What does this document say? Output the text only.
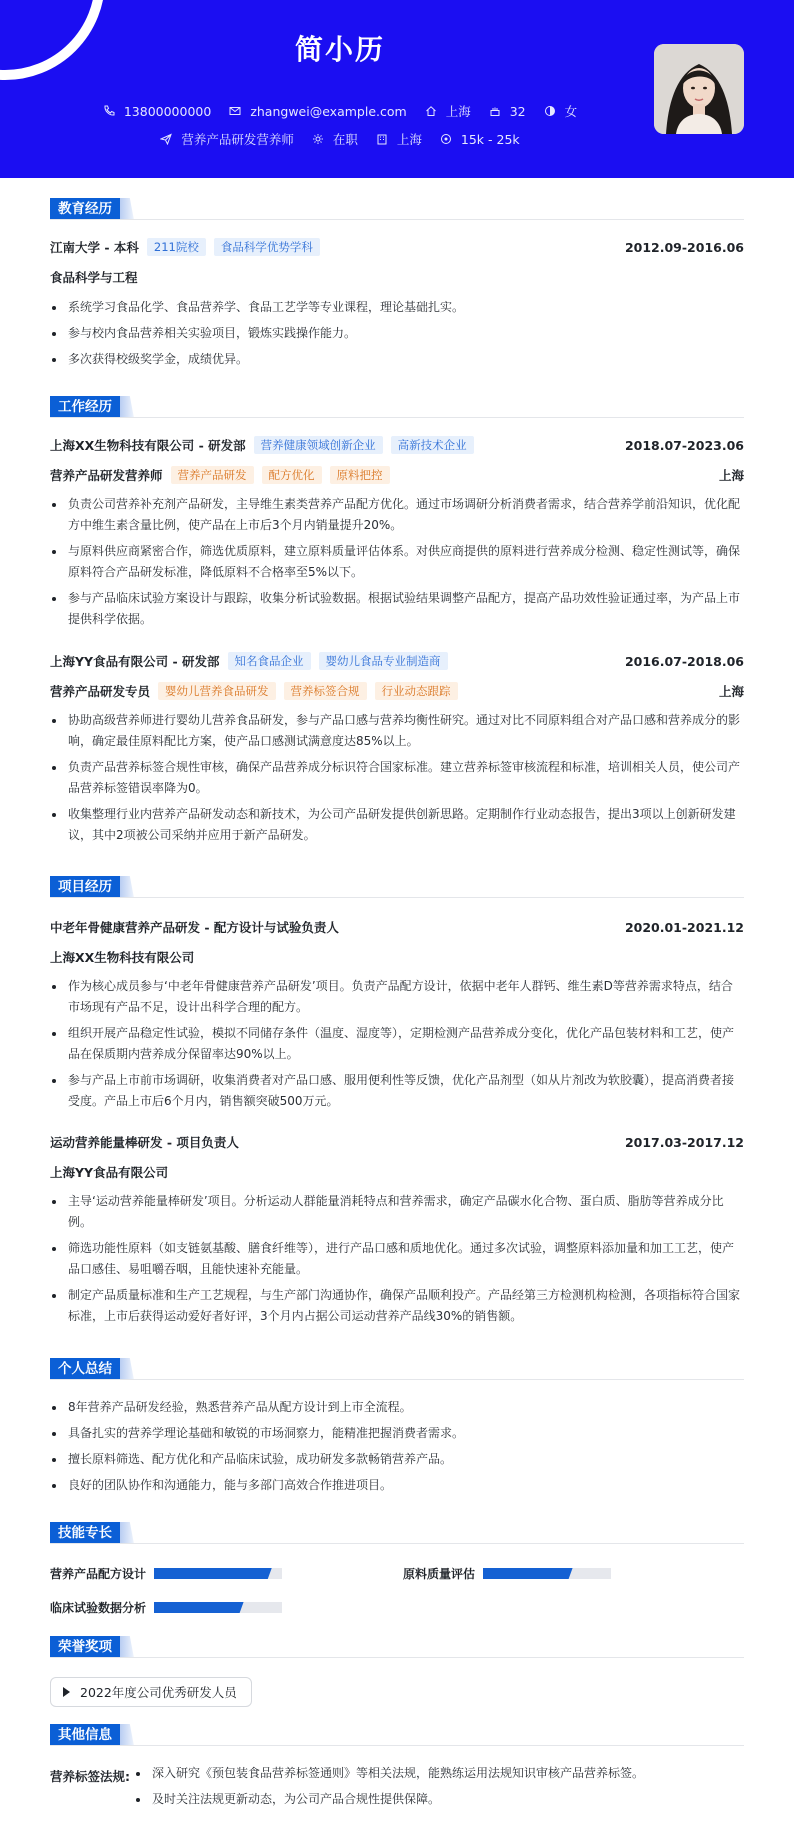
简小历
13800000000	zhangwei@example.com	上海	32	女
营养产品研发营养师	在职	上海	15k - 25k
教育经历
江南大学 - 本科	211院校	食品科学优势学科	2012.09-2016.06
食品科学与工程
系统学习食品化学、食品营养学、食品工艺学等专业课程，理论基础扎实。
参与校内食品营养相关实验项目，锻炼实践操作能力。
多次获得校级奖学金，成绩优异。
工作经历
上海XX生物科技有限公司 - 研发部	营养健康领域创新企业	高新技术企业	2018.07-2023.06
营养产品研发营养师	营养产品研发	配方优化	原料把控	上海
负责公司营养补充剂产品研发，主导维生素类营养产品配方优化。通过市场调研分析消费者需求，结合营养学前沿知识，优化配方中维生素含量比例，使产品在上市后3个月内销量提升20%。
与原料供应商紧密合作，筛选优质原料，建立原料质量评估体系。对供应商提供的原料进行营养成分检测、稳定性测试等，确保原料符合产品研发标准，降低原料不合格率至5%以下。
参与产品临床试验方案设计与跟踪，收集分析试验数据。根据试验结果调整产品配方，提高产品功效性验证通过率，为产品上市提供科学依据。
上海YY食品有限公司 - 研发部	知名食品企业	婴幼儿食品专业制造商	2016.07-2018.06
营养产品研发专员	婴幼儿营养食品研发	营养标签合规	行业动态跟踪	上海
协助高级营养师进行婴幼儿营养食品研发，参与产品口感与营养均衡性研究。通过对比不同原料组合对产品口感和营养成分的影响，确定最佳原料配比方案，使产品口感测试满意度达85%以上。
负责产品营养标签合规性审核，确保产品营养成分标识符合国家标准。建立营养标签审核流程和标准，培训相关人员，使公司产品营养标签错误率降为0。
收集整理行业内营养产品研发动态和新技术，为公司产品研发提供创新思路。定期制作行业动态报告，提出3项以上创新研发建议，其中2项被公司采纳并应用于新产品研发。
项目经历
中老年骨健康营养产品研发 - 配方设计与试验负责人	2020.01-2021.12
上海XX生物科技有限公司
作为核心成员参与‘中老年骨健康营养产品研发’项目。负责产品配方设计，依据中老年人群钙、维生素D等营养需求特点，结合市场现有产品不足，设计出科学合理的配方。
组织开展产品稳定性试验，模拟不同储存条件（温度、湿度等），定期检测产品营养成分变化，优化产品包装材料和工艺，使产品在保质期内营养成分保留率达90%以上。
参与产品上市前市场调研，收集消费者对产品口感、服用便利性等反馈，优化产品剂型（如从片剂改为软胶囊），提高消费者接受度。产品上市后6个月内，销售额突破500万元。
运动营养能量棒研发 - 项目负责人	2017.03-2017.12
上海YY食品有限公司
主导‘运动营养能量棒研发’项目。分析运动人群能量消耗特点和营养需求，确定产品碳水化合物、蛋白质、脂肪等营养成分比例。
筛选功能性原料（如支链氨基酸、膳食纤维等），进行产品口感和质地优化。通过多次试验，调整原料添加量和加工工艺，使产品口感佳、易咀嚼吞咽，且能快速补充能量。
制定产品质量标准和生产工艺规程，与生产部门沟通协作，确保产品顺利投产。产品经第三方检测机构检测，各项指标符合国家标准，上市后获得运动爱好者好评，3个月内占据公司运动营养产品线30%的销售额。
个人总结
8年营养产品研发经验，熟悉营养产品从配方设计到上市全流程。
具备扎实的营养学理论基础和敏锐的市场洞察力，能精准把握消费者需求。
擅长原料筛选、配方优化和产品临床试验，成功研发多款畅销营养产品。
良好的团队协作和沟通能力，能与多部门高效合作推进项目。
技能专长
营养产品配方设计	原料质量评估
临床试验数据分析
荣誉奖项
2022年度公司优秀研发人员
其他信息
营养标签法规:	深入研究《预包装食品营养标签通则》等相关法规，能熟练运用法规知识审核产品营养标签。
及时关注法规更新动态，为公司产品合规性提供保障。
